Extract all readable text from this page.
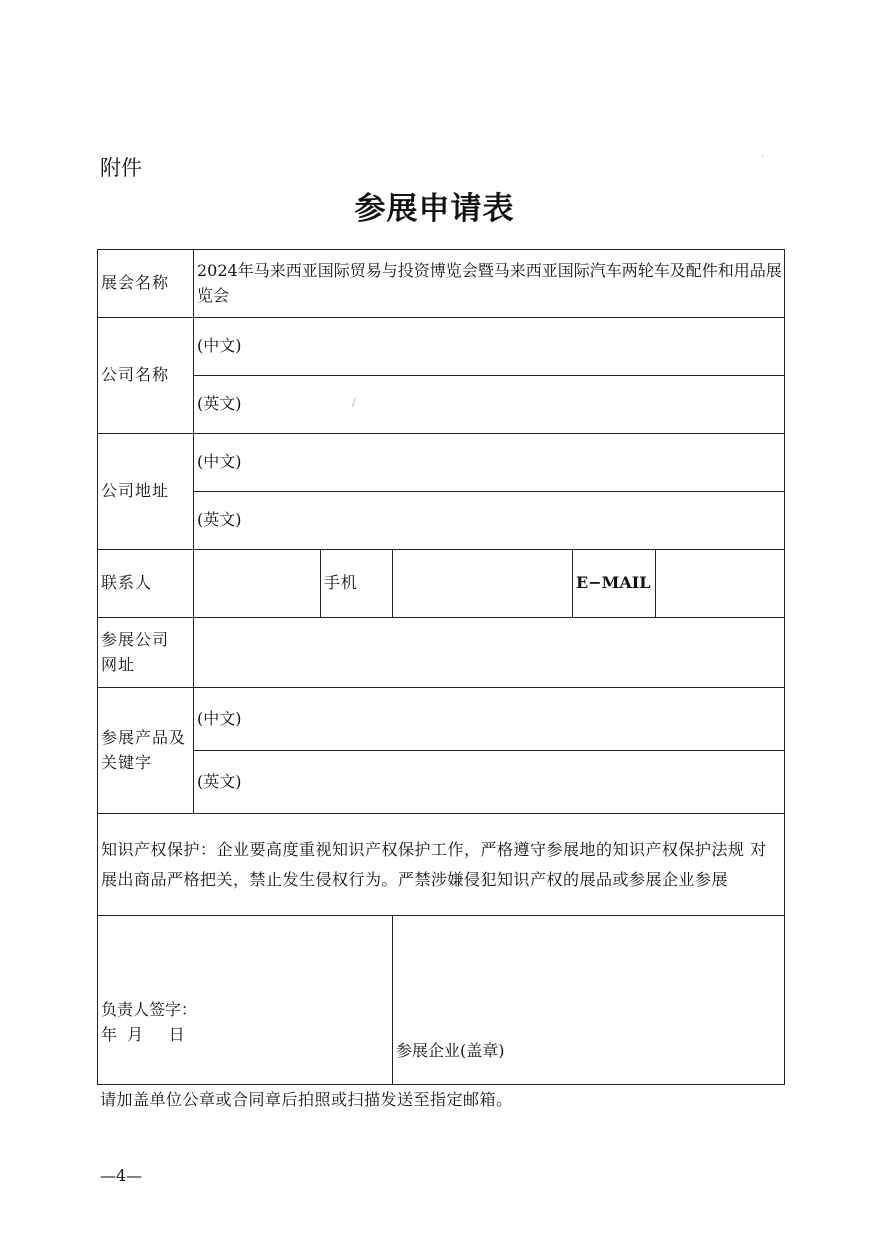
附件
参展申请表
/
'
展会名称	2024年马来西亚国际贸易与投资博览会暨马来西亚国际汽车两轮车及配件和用品展览会				
公司名称	(中文)				
	(英文)				
公司地址	(中文)				
	(英文)				
联系人		手机		E−MAIL	

参展公司
网址					

参展产品及
关键字	(中文)				
	(英文)				
知识产权保护：企业要高度重视知识产权保护工作，严格遵守参展地的知识产权保护法规 对展出商品严格把关，禁止发生侵权行为。严禁涉嫌侵犯知识产权的展品或参展企业参展					

负责人签字：
年  月     日			参展企业(盖章)		
请加盖单位公章或合同章后拍照或扫描发送至指定邮箱。
—4—
